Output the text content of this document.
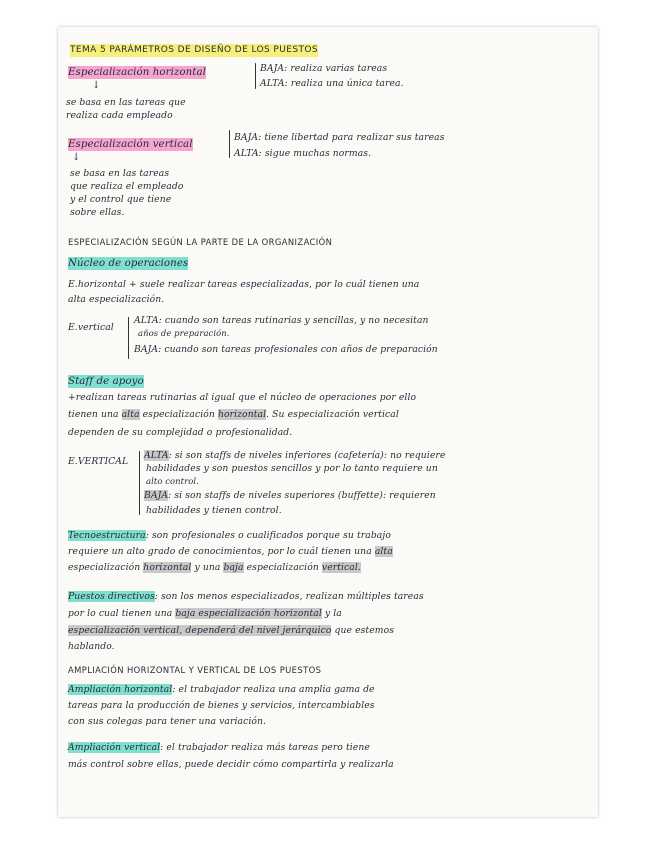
TEMA 5 PARÁMETROS DE DISEÑO DE LOS PUESTOS
Especialización horizontal	BAJA: realiza varias tareas
ALTA: realiza una única tarea.
↓
se basa en las tareas que
realiza cada empleado
Especialización vertical
BAJA: tiene libertad para realizar sus tareas
ALTA: sigue muchas normas.
↓
se basa en las tareas
que realiza el empleado
y el control que tiene
sobre ellas.
ESPECIALIZACIÓN SEGÚN LA PARTE DE LA ORGANIZACIÓN
Núcleo de operaciones
E.horizontal + suele realizar tareas especializadas, por lo cuál tienen una
alta especialización.
E.vertical
ALTA: cuando son tareas rutinarias y sencillas, y no necesitan
años de preparación.
BAJA: cuando son tareas profesionales con años de preparación
Staff de apoyo
+realizan tareas rutinarias al igual que el núcleo de operaciones por ello
tienen una alta especialización horizontal. Su especialización vertical
dependen de su complejidad o profesionalidad.
E.VERTICAL
ALTA: si son staffs de niveles inferiores (cafetería): no requiere
habilidades y son puestos sencillos y por lo tanto requiere un
alto control.
BAJA: si son staffs de niveles superiores (buffette): requieren
habilidades y tienen control.
Tecnoestructura: son profesionales o cualificados porque su trabajo
requiere un alto grado de conocimientos, por lo cuál tienen una alta
especialización horizontal y una baja especialización vertical.
Puestos directivos: son los menos especializados, realizan múltiples tareas
por lo cual tienen una baja especialización horizontal y la
especialización vertical, dependerá del nivel jerárquico que estemos
hablando.
AMPLIACIÓN HORIZONTAL Y VERTICAL DE LOS PUESTOS
Ampliación horizontal: el trabajador realiza una amplia gama de
tareas para la producción de bienes y servicios, intercambiables
con sus colegas para tener una variación.
Ampliación vertical: el trabajador realiza más tareas pero tiene
más control sobre ellas, puede decidir cómo compartirla y realizarla
